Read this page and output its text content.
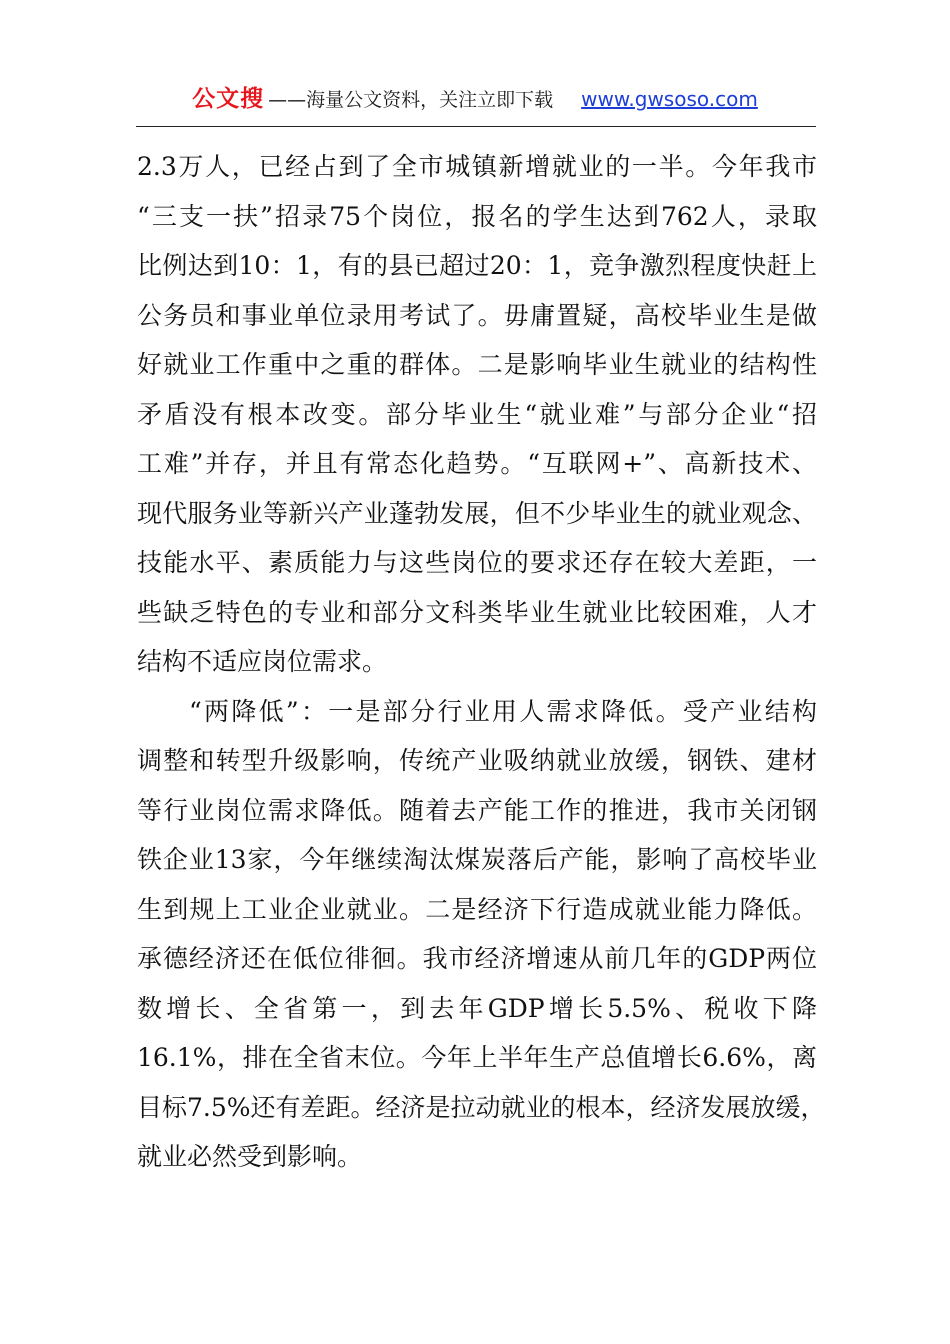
公文搜 ——海量公文资料，关注立即下载 www.gwsoso.com
2.3万人，已经占到了全市城镇新增就业的一半。今年我市
“三支一扶”招录75个岗位，报名的学生达到762人，录取
比例达到10：1，有的县已超过20：1，竞争激烈程度快赶上
公务员和事业单位录用考试了。毋庸置疑，高校毕业生是做
好就业工作重中之重的群体。二是影响毕业生就业的结构性
矛盾没有根本改变。部分毕业生“就业难”与部分企业“招
工难”并存，并且有常态化趋势。“互联网+”、高新技术、
现代服务业等新兴产业蓬勃发展，但不少毕业生的就业观念、
技能水平、素质能力与这些岗位的要求还存在较大差距，一
些缺乏特色的专业和部分文科类毕业生就业比较困难，人才
结构不适应岗位需求。
“两降低”：一是部分行业用人需求降低。受产业结构
调整和转型升级影响，传统产业吸纳就业放缓，钢铁、建材
等行业岗位需求降低。随着去产能工作的推进，我市关闭钢
铁企业13家，今年继续淘汰煤炭落后产能，影响了高校毕业
生到规上工业企业就业。二是经济下行造成就业能力降低。
承德经济还在低位徘徊。我市经济增速从前几年的GDP两位
数增长、全省第一，到去年GDP增长5.5%、税收下降
16.1%，排在全省末位。今年上半年生产总值增长6.6%，离
目标7.5%还有差距。经济是拉动就业的根本，经济发展放缓，
就业必然受到影响。
